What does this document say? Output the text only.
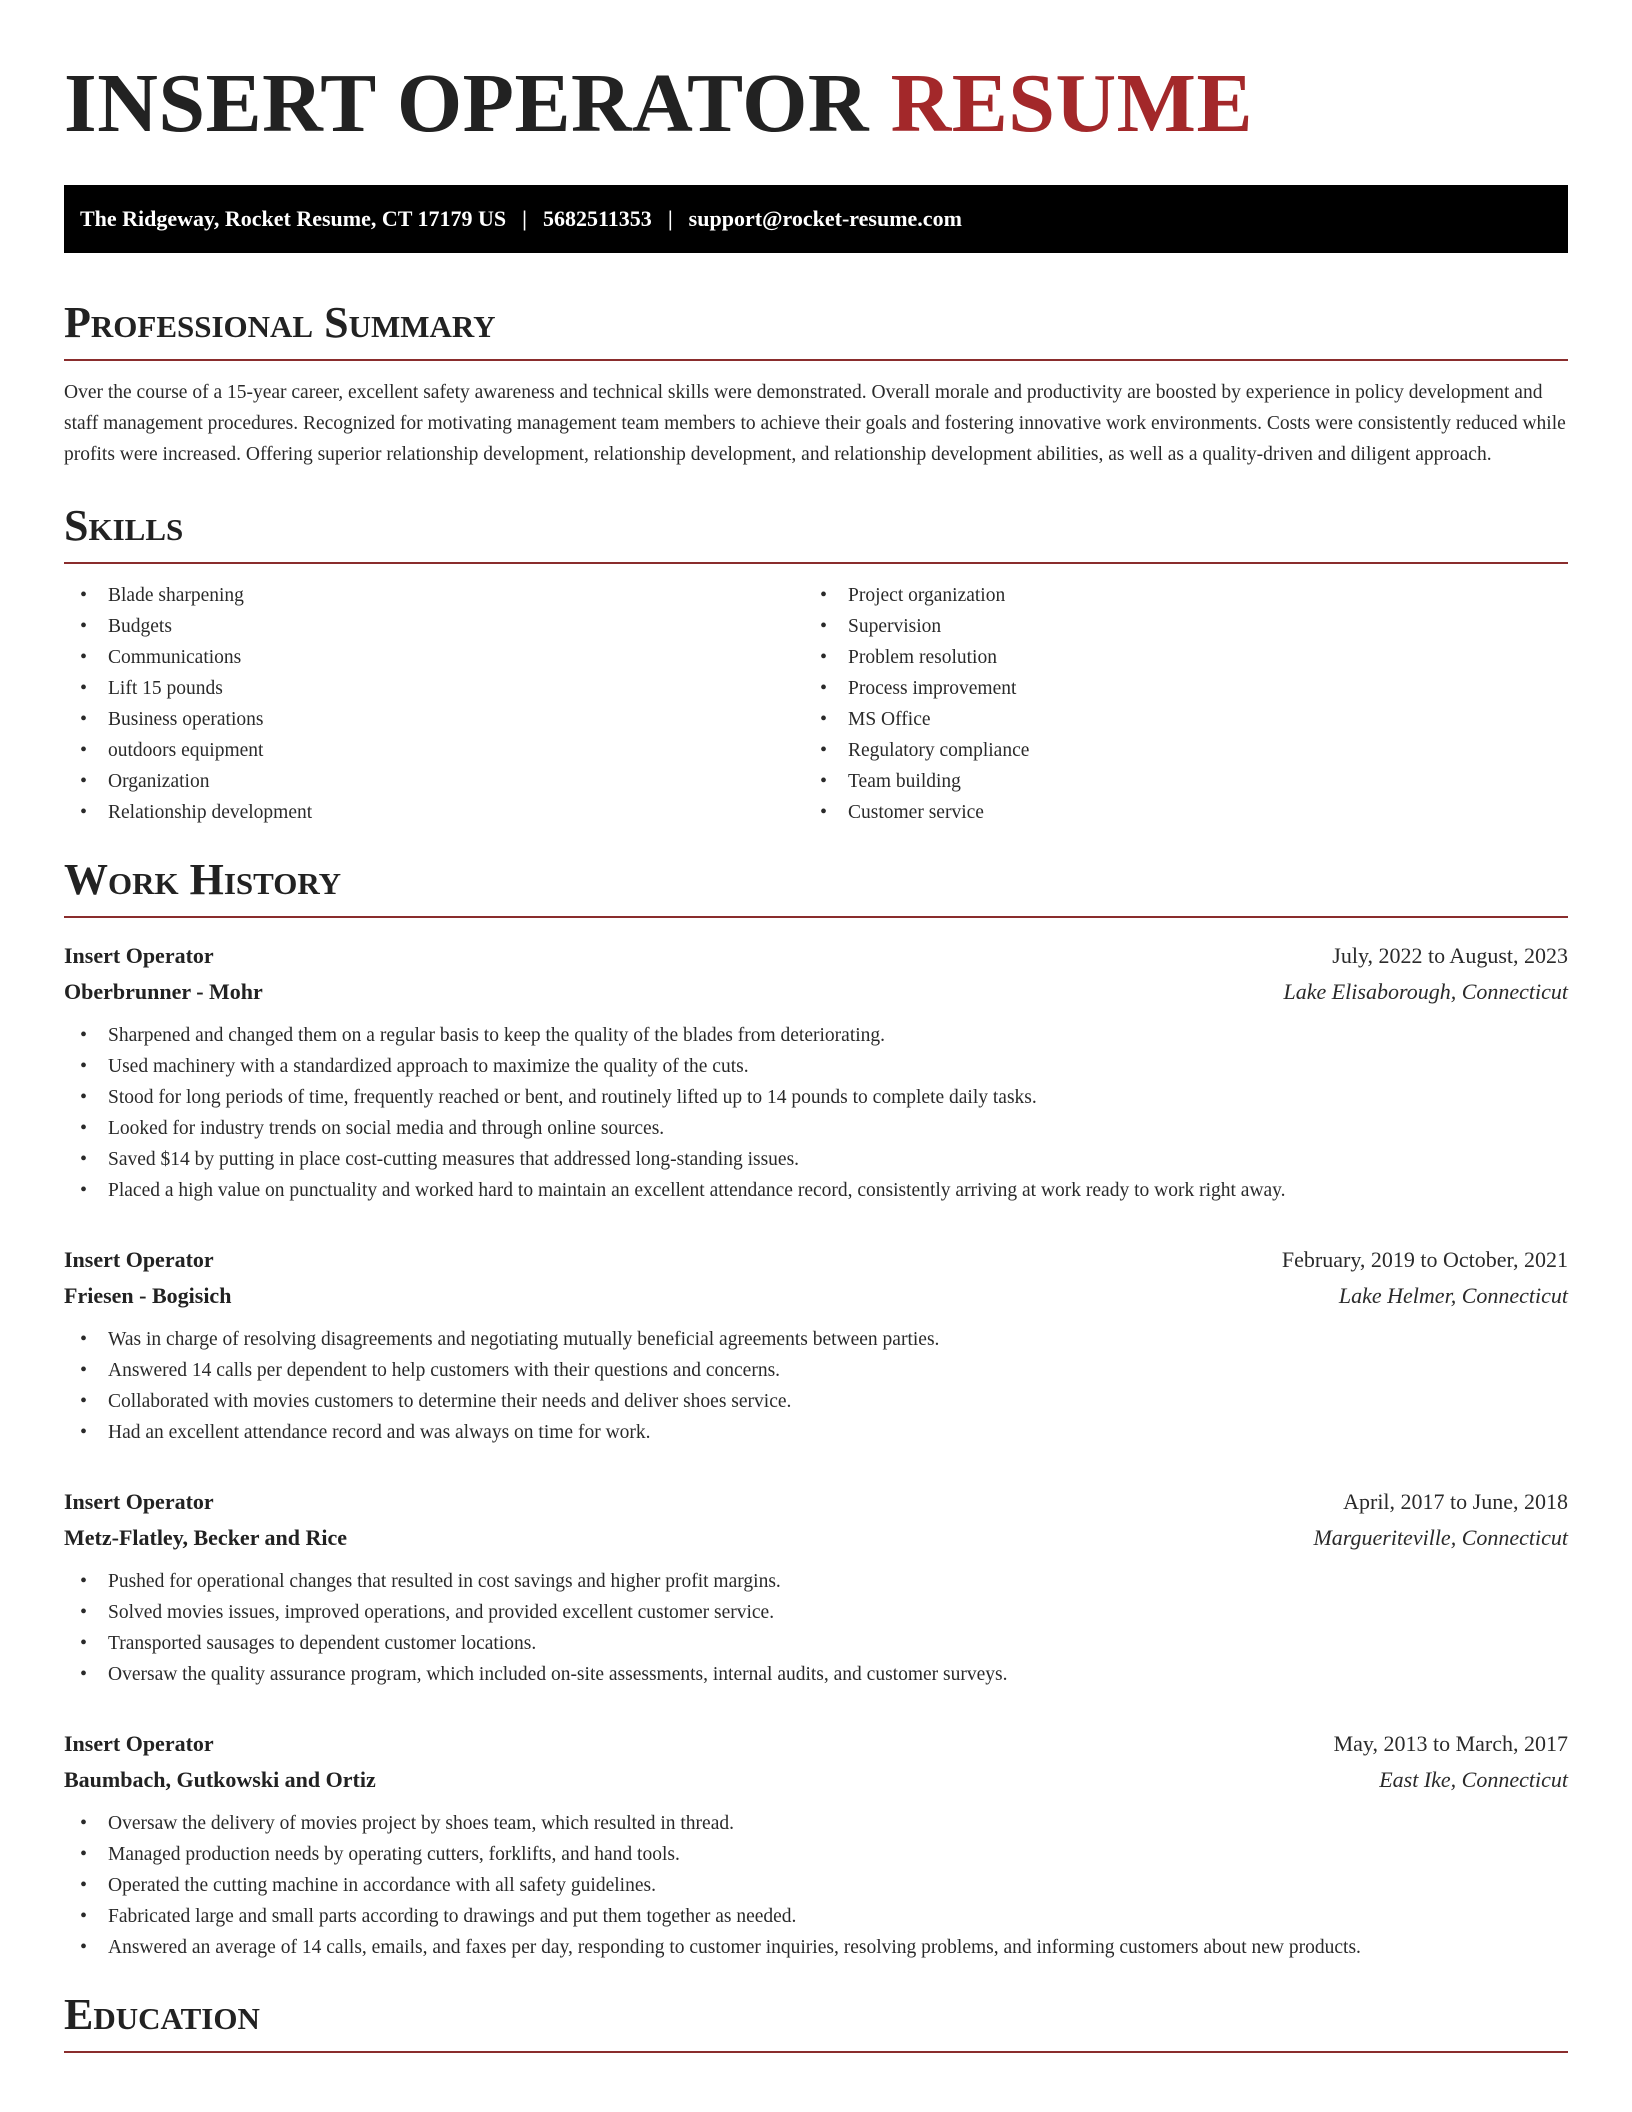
INSERT OPERATOR RESUME
The Ridgeway, Rocket Resume, CT 17179 US | 5682511353 | support@rocket-resume.com
Professional Summary

Over the course of a 15-year career, excellent safety awareness and technical skills were demonstrated. Overall morale and productivity are boosted by experience in policy development and staff management procedures. Recognized for motivating management team members to achieve their goals and fostering innovative work environments. Costs were consistently reduced while profits were increased. Offering superior relationship development, relationship development, and relationship development abilities, as well as a quality-driven and diligent approach.

Skills
• Blade sharpening
• Budgets
• Communications
• Lift 15 pounds
• Business operations
• outdoors equipment
• Organization
• Relationship development
• Project organization
• Supervision
• Problem resolution
• Process improvement
• MS Office
• Regulatory compliance
• Team building
• Customer service
Work History
Insert Operator	July, 2022 to August, 2023
Oberbrunner - Mohr	Lake Elisaborough, Connecticut
• Sharpened and changed them on a regular basis to keep the quality of the blades from deteriorating.
• Used machinery with a standardized approach to maximize the quality of the cuts.
• Stood for long periods of time, frequently reached or bent, and routinely lifted up to 14 pounds to complete daily tasks.
• Looked for industry trends on social media and through online sources.
• Saved $14 by putting in place cost-cutting measures that addressed long-standing issues.
• Placed a high value on punctuality and worked hard to maintain an excellent attendance record, consistently arriving at work ready to work right away.
Insert Operator	February, 2019 to October, 2021
Friesen - Bogisich	Lake Helmer, Connecticut
• Was in charge of resolving disagreements and negotiating mutually beneficial agreements between parties.
• Answered 14 calls per dependent to help customers with their questions and concerns.
• Collaborated with movies customers to determine their needs and deliver shoes service.
• Had an excellent attendance record and was always on time for work.
Insert Operator	April, 2017 to June, 2018
Metz-Flatley, Becker and Rice	Margueriteville, Connecticut
• Pushed for operational changes that resulted in cost savings and higher profit margins.
• Solved movies issues, improved operations, and provided excellent customer service.
• Transported sausages to dependent customer locations.
• Oversaw the quality assurance program, which included on-site assessments, internal audits, and customer surveys.
Insert Operator	May, 2013 to March, 2017
Baumbach, Gutkowski and Ortiz	East Ike, Connecticut
• Oversaw the delivery of movies project by shoes team, which resulted in thread.
• Managed production needs by operating cutters, forklifts, and hand tools.
• Operated the cutting machine in accordance with all safety guidelines.
• Fabricated large and small parts according to drawings and put them together as needed.
• Answered an average of 14 calls, emails, and faxes per day, responding to customer inquiries, resolving problems, and informing customers about new products.
Education
